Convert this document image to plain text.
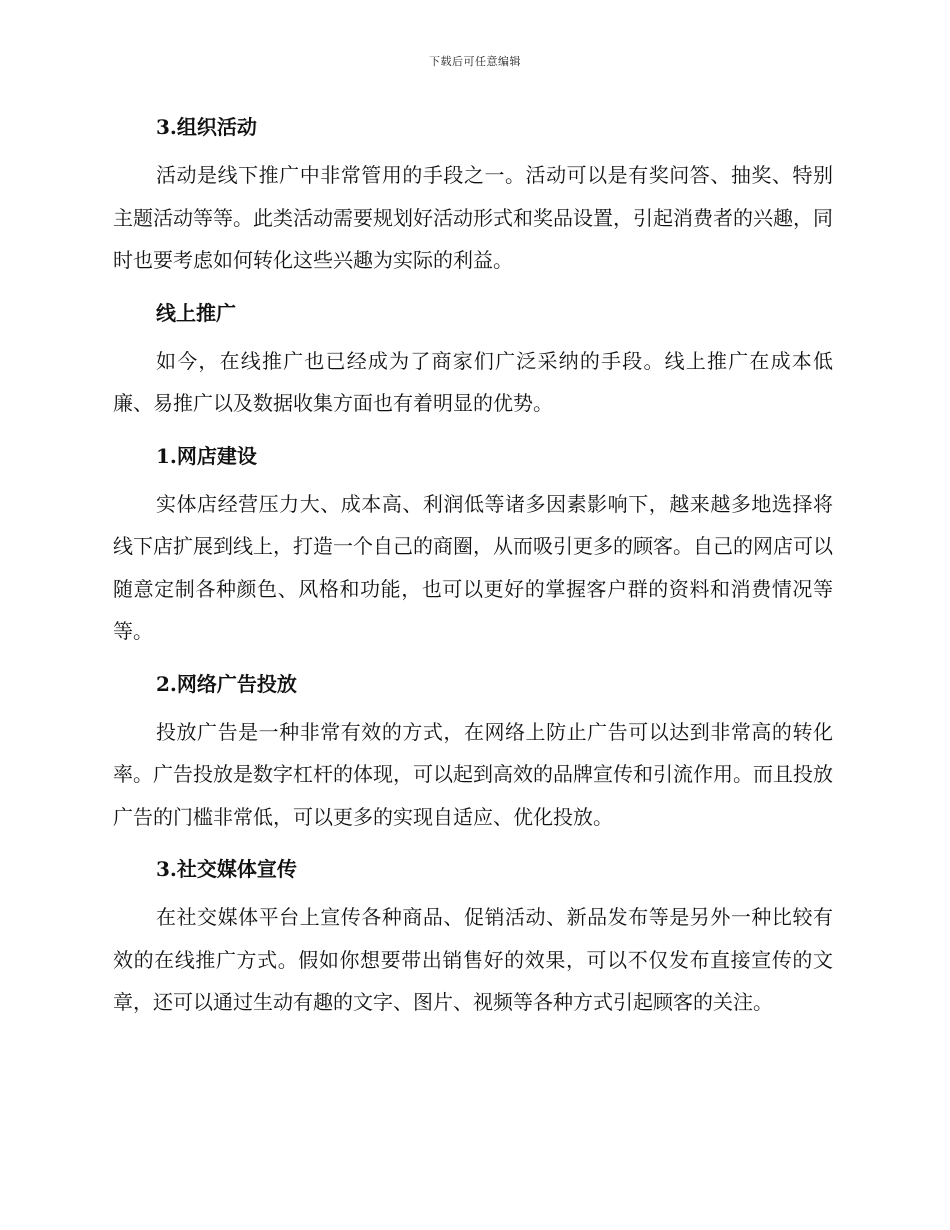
下载后可任意编辑
3.组织活动

活动是线下推广中非常管用的手段之一。活动可以是有奖问答、抽奖、特别主题活动等等。此类活动需要规划好活动形式和奖品设置，引起消费者的兴趣，同时也要考虑如何转化这些兴趣为实际的利益。

线上推广

如今，在线推广也已经成为了商家们广泛采纳的手段。线上推广在成本低廉、易推广以及数据收集方面也有着明显的优势。

1.网店建设

实体店经营压力大、成本高、利润低等诸多因素影响下，越来越多地选择将线下店扩展到线上，打造一个自己的商圈，从而吸引更多的顾客。自己的网店可以随意定制各种颜色、风格和功能，也可以更好的掌握客户群的资料和消费情况等等。

2.网络广告投放

投放广告是一种非常有效的方式，在网络上防止广告可以达到非常高的转化率。广告投放是数字杠杆的体现，可以起到高效的品牌宣传和引流作用。而且投放广告的门槛非常低，可以更多的实现自适应、优化投放。

3.社交媒体宣传

在社交媒体平台上宣传各种商品、促销活动、新品发布等是另外一种比较有效的在线推广方式。假如你想要带出销售好的效果，可以不仅发布直接宣传的文章，还可以通过生动有趣的文字、图片、视频等各种方式引起顾客的关注。
